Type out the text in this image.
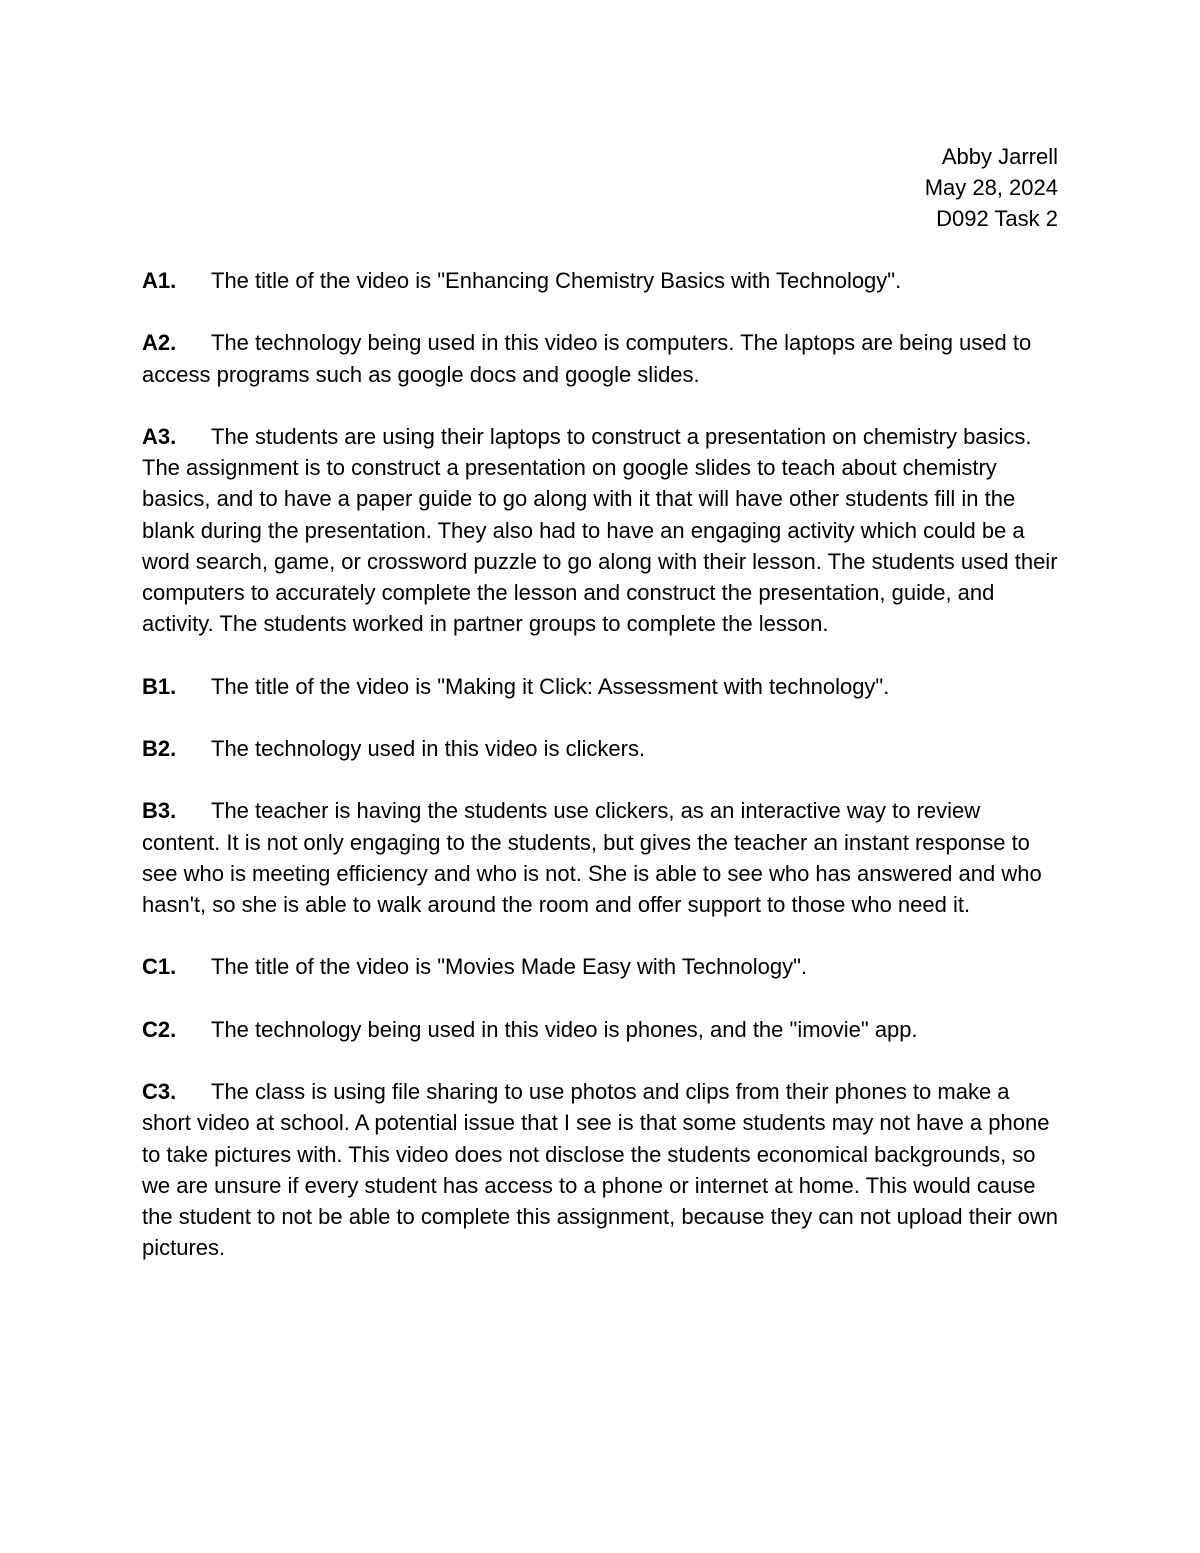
Abby Jarrell
May 28, 2024
D092 Task 2

A1. The title of the video is "Enhancing Chemistry Basics with Technology".

A2. The technology being used in this video is computers. The laptops are being used to access programs such as google docs and google slides.

A3. The students are using their laptops to construct a presentation on chemistry basics. The assignment is to construct a presentation on google slides to teach about chemistry basics, and to have a paper guide to go along with it that will have other students fill in the blank during the presentation. They also had to have an engaging activity which could be a word search, game, or crossword puzzle to go along with their lesson. The students used their computers to accurately complete the lesson and construct the presentation, guide, and activity. The students worked in partner groups to complete the lesson.

B1. The title of the video is "Making it Click: Assessment with technology".

B2. The technology used in this video is clickers.

B3. The teacher is having the students use clickers, as an interactive way to review content. It is not only engaging to the students, but gives the teacher an instant response to see who is meeting efficiency and who is not. She is able to see who has answered and who hasn't, so she is able to walk around the room and offer support to those who need it.

C1. The title of the video is "Movies Made Easy with Technology".

C2. The technology being used in this video is phones, and the "imovie" app.

C3. The class is using file sharing to use photos and clips from their phones to make a short video at school. A potential issue that I see is that some students may not have a phone to take pictures with. This video does not disclose the students economical backgrounds, so we are unsure if every student has access to a phone or internet at home. This would cause the student to not be able to complete this assignment, because they can not upload their own pictures.
